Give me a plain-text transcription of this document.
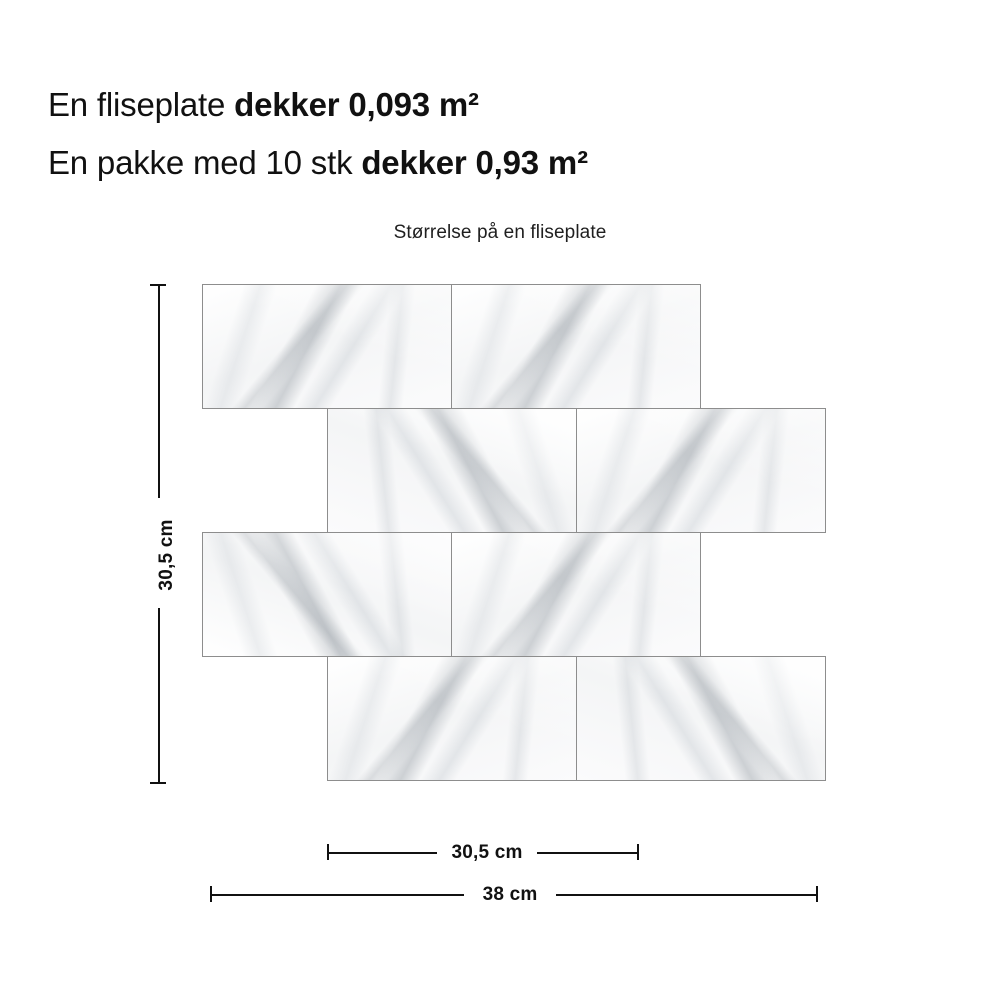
En fliseplate dekker 0,093 m²
En pakke med 10 stk dekker 0,93 m²
Størrelse på en fliseplate
30,5 cm
30,5 cm
38 cm
